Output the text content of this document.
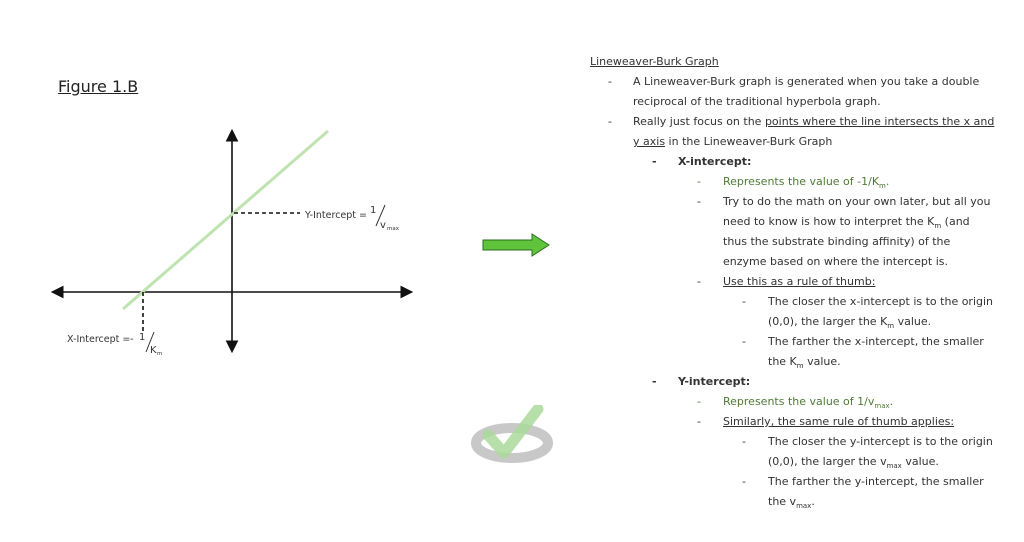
Figure 1.B
Y-Intercept = 1
v max
X-Intercept = - 1
K m
Lineweaver-Burk Graph
- A Lineweaver-Burk graph is generated when you take a double
reciprocal of the traditional hyperbola graph.
- Really just focus on the points where the line intersects the x and
y axis in the Lineweaver-Burk Graph
- X-intercept:
- Represents the value of $-1/K_m$.
- Try to do the math on your own later, but all you
need to know is how to interpret the $K_m$ (and
thus the substrate binding affinity) of the
enzyme based on where the intercept is.
- Use this as a rule of thumb:
- The closer the x-intercept is to the origin
(0,0), the larger the $K_m$ value.
- The farther the x-intercept, the smaller
the $K_m$ value.
- Y-intercept:
- Represents the value of $1/v_{max}$.
- Similarly, the same rule of thumb applies:
- The closer the y-intercept is to the origin
(0,0), the larger the $v_{max}$ value.
- The farther the y-intercept, the smaller
the $v_{max}$.
